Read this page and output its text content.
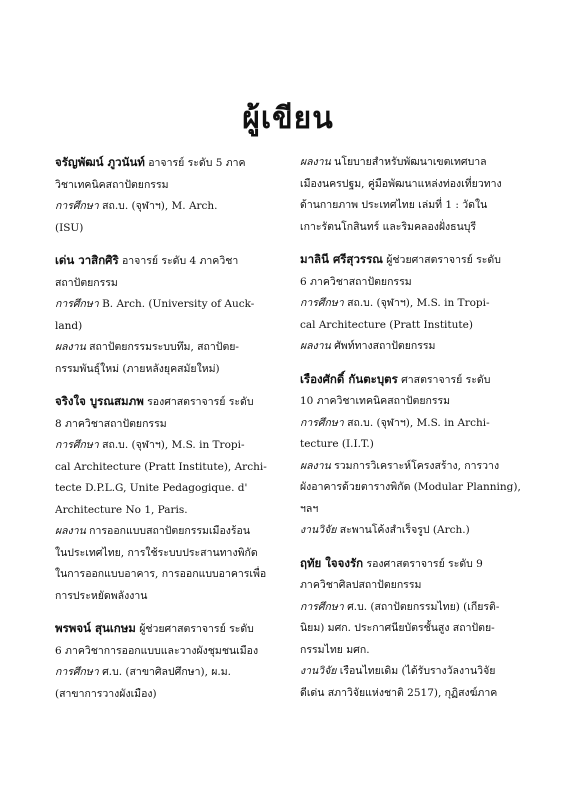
ผู้เขียน
จรัญพัฒน์ ภูวนันท์ อาจารย์ ระดับ 5 ภาค
วิชาเทคนิคสถาปัตยกรรม
การศึกษา สถ.บ. (จุฬาฯ), M. Arch.
(ISU)
เด่น วาสิกศิริ อาจารย์ ระดับ 4 ภาควิชา
สถาปัตยกรรม
การศึกษา B. Arch. (University of Auck-
land)
ผลงาน สถาปัตยกรรมระบบทึม, สถาปัตย-
กรรมพันธุ์ใหม่ (ภายหลังยุคสมัยใหม่)
จริงใจ บูรณสมภพ รองศาสตราจารย์ ระดับ
8 ภาควิชาสถาปัตยกรรม
การศึกษา สถ.บ. (จุฬาฯ), M.S. in Tropi-
cal Architecture (Pratt Institute), Archi-
tecte D.P.L.G, Unite Pedagogique. d'
Architecture No 1, Paris.
ผลงาน การออกแบบสถาปัตยกรรมเมืองร้อน
ในประเทศไทย, การใช้ระบบประสานทางพิกัด
ในการออกแบบอาคาร, การออกแบบอาคารเพื่อ
การประหยัดพลังงาน
พรพจน์ สุนเกษม ผู้ช่วยศาสตราจารย์ ระดับ
6 ภาควิชาการออกแบบและวางผังชุมชนเมือง
การศึกษา ศ.บ. (สาขาศิลปศึกษา), ผ.ม.
(สาขาการวางผังเมือง)
ผลงาน นโยบายสำหรับพัฒนาเขตเทศบาล
เมืองนครปฐม, คู่มือพัฒนาแหล่งท่องเที่ยวทาง
ด้านกายภาพ ประเทศไทย เล่มที่ 1 : วัดใน
เกาะรัตนโกสินทร์ และริมคลองฝั่งธนบุรี
มาลินี ศรีสุวรรณ ผู้ช่วยศาสตราจารย์ ระดับ
6 ภาควิชาสถาปัตยกรรม
การศึกษา สถ.บ. (จุฬาฯ), M.S. in Tropi-
cal Architecture (Pratt Institute)
ผลงาน ศัพท์ทางสถาปัตยกรรม
เรืองศักดิ์ กันตะบุตร ศาสตราจารย์ ระดับ
10 ภาควิชาเทคนิคสถาปัตยกรรม
การศึกษา สถ.บ. (จุฬาฯ), M.S. in Archi-
tecture (I.I.T.)
ผลงาน รวมการวิเคราะห์โครงสร้าง, การวาง
ผังอาคารด้วยตารางพิกัด (Modular Planning),
ฯลฯ
งานวิจัย สะพานโค้งสำเร็จรูป (Arch.)
ฤทัย ใจจงรัก รองศาสตราจารย์ ระดับ 9
ภาควิชาศิลปสถาปัตยกรรม
การศึกษา ศ.บ. (สถาปัตยกรรมไทย) (เกียรติ-
นิยม) มศก. ประกาศนียบัตรชั้นสูง สถาปัตย-
กรรมไทย มศก.
งานวิจัย เรือนไทยเดิม (ได้รับรางวัลงานวิจัย
ดีเด่น สภาวิจัยแห่งชาติ 2517), กุฏิสงฆ์ภาค
